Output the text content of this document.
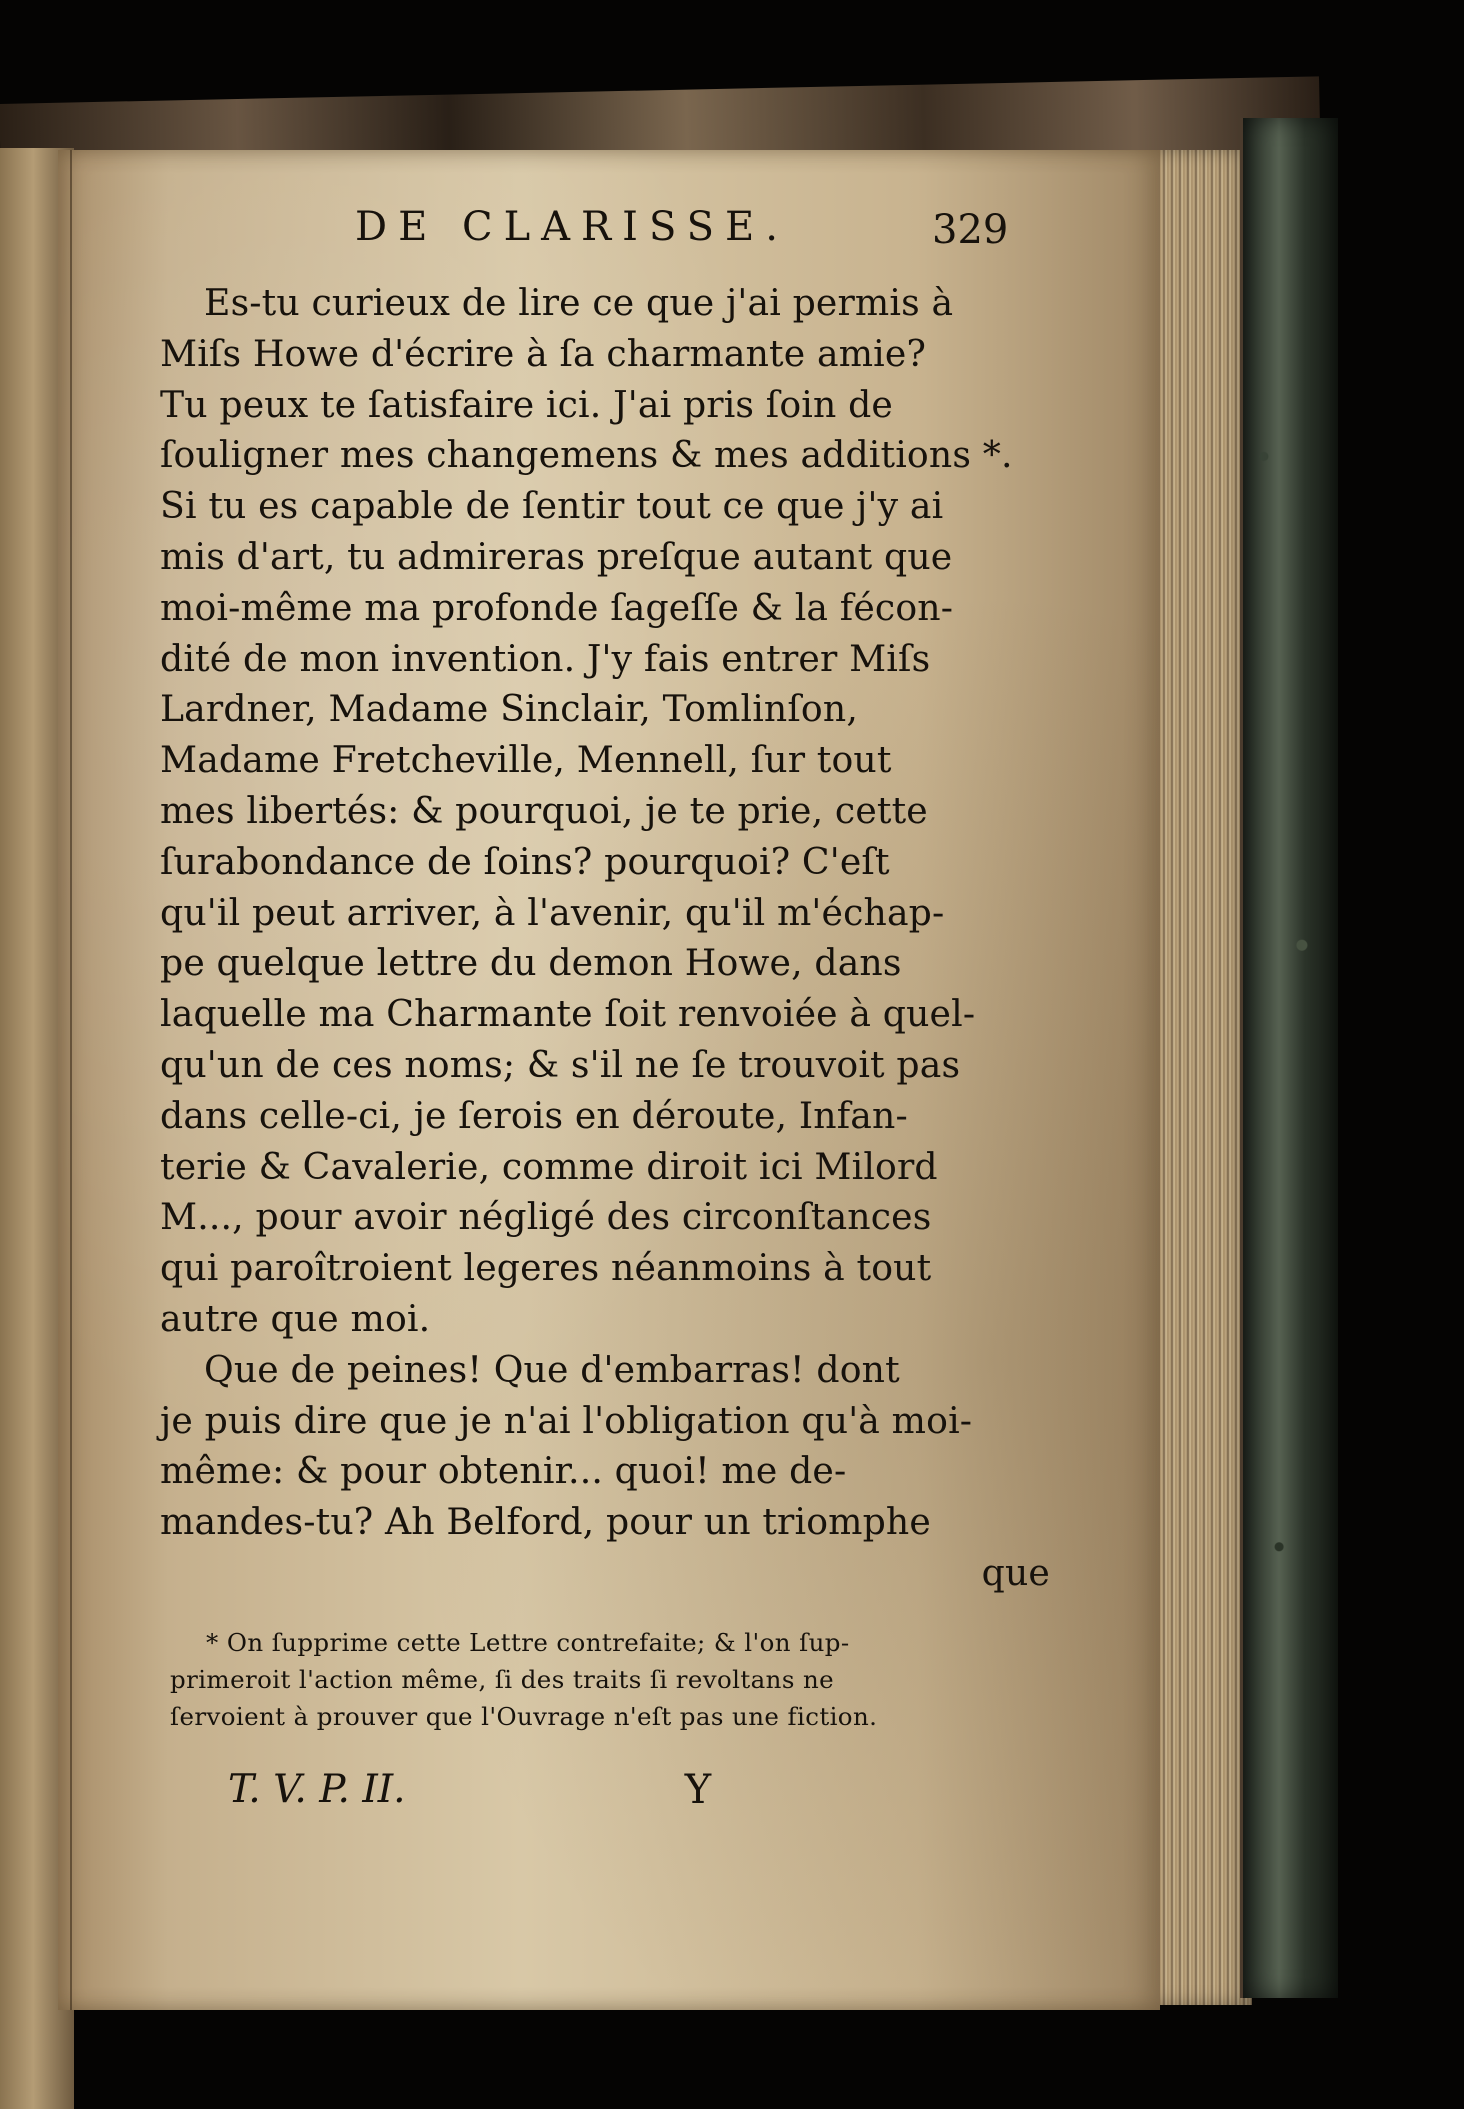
DE CLARISSE.	329
Es-tu curieux de lire ce que j'ai permis à
Miſs Howe d'écrire à ſa charmante amie?
Tu peux te ſatisfaire ici. J'ai pris ſoin de
ſouligner mes changemens & mes additions *.
Si tu es capable de ſentir tout ce que j'y ai
mis d'art, tu admireras preſque autant que
moi-même ma profonde ſageſſe & la fécon-
dité de mon invention. J'y fais entrer Miſs
Lardner, Madame Sinclair, Tomlinſon,
Madame Fretcheville, Mennell, ſur tout
mes libertés: & pourquoi, je te prie, cette
ſurabondance de ſoins? pourquoi? C'eſt
qu'il peut arriver, à l'avenir, qu'il m'échap-
pe quelque lettre du demon Howe, dans
laquelle ma Charmante ſoit renvoiée à quel-
qu'un de ces noms; & s'il ne ſe trouvoit pas
dans celle-ci, je ſerois en déroute, Infan-
terie & Cavalerie, comme diroit ici Milord
M..., pour avoir négligé des circonſtances
qui paroîtroient legeres néanmoins à tout
autre que moi.
Que de peines! Que d'embarras! dont
je puis dire que je n'ai l'obligation qu'à moi-
même: & pour obtenir... quoi! me de-
mandes-tu? Ah Belford, pour un triomphe
que
* On ſupprime cette Lettre contrefaite; & l'on ſup-
primeroit l'action même, ſi des traits ſi revoltans ne
ſervoient à prouver que l'Ouvrage n'eſt pas une fiction.
T. V. P. II.	Y
